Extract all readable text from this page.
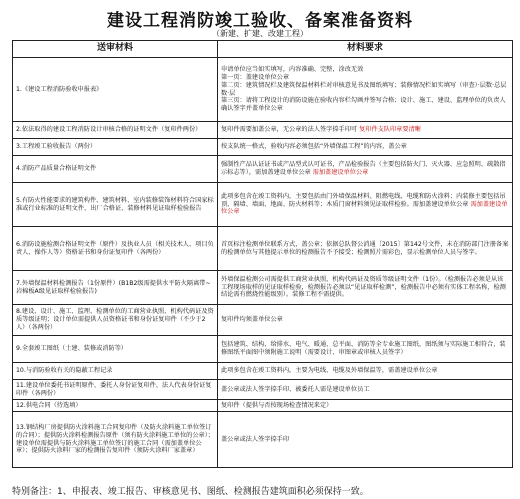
建设工程消防竣工验收、备案准备资料
（新建、扩建、改建工程）
送审材料	材料要求
1.《建设工程消防验收申报表》	申请单位应当如实填写，内容准确、完整，涂改无效
第一页：盖建设单位公章
第二页：建筑情况栏及建筑保温材料栏对审核意见书及图纸填写；装修情况栏如实填写（审查）·层数·总层数·层
第三页：请将工程设计的消防设施在验收内容栏勾画并签写合格；设计、施工、建设、监理单位的负责人确认签字并盖单位公章
2.依法取得的建设工程消防设计审核合格的证明文件（复印件两份）	复印件需要加盖公章，无公章的法人签字捺手印可 复印件支队印章要清晰
3.工程竣工验收报告（两份）	按支队统一格式，验收内容必须包括“外墙保温工程”的内容，盖公章
4.消防产品质量合格证明文件	强制性产品认证证书或产品型式认可证书，产品检验报告（主要包括防火门、灭火器、应急照明、疏散指示标志等），需加盖建设单位公章 需加盖建设单位公章
5.有防火性能要求的建筑构件、建筑材料、室内装修装饰材料符合国家标准或行业标准的证明文件、出厂合格证、装修材料见证取样检验报告	此项多包含在竣工资料内，主要包括由门外墙保温材料、阻燃电线、电缆和防火涂料；内装修主要包括吊顶、隔墙、墙面、地面、防火材料等；木质门窗材料须见证取样检验。需加盖建设单位公章 需加盖建设单位公章
6.消防设施检测合格证明文件（原件）及执业人员（相关技术人、项目负责人、操作人等）资格证书和身份证复印件（各两份）	首页标注检测单位联系方式，盖公章；依据总队督公消通〔2015〕第142号文件，未在消防部门注册备案的检测单位与其他提示单位的检测报告不予接受；检测照片需彩色，显示检测单位人员与签字。
7.外墙保温材料检测报告（1份原件）(B1B2级需提供水平防火隔离带~岩棉板A级见证取样检验报告)	外墙保温检测公司需提供工商营业执照、机构代码证及资质等级证明文件（1份）。（检测报告必须是从该工程现场取样的见证取样检验，检测报告必须以“见证取样检测”，检测报告中必须有实体工程名称，检测结论需有燃烧性能级别）。装修工程不需提供。
8.建设、设计、施工、监理、检测单位的工商营业执照、机构代码证及资质等级证明；设计单位需提供人员资格证书和身份证复印件（不少于2人）（各两份）	复印件均须盖单位公章
9.全套竣工图纸（土建、装修或消防等）	包括建筑、结构、给排水、电气、暖通、总平面、消防等全专业施工图纸，图纸须与实际施工相符合，装修图纸平面图中须附施工说明（需要设计、审图章或审核人员签字）
10.与消防验收有关的隐蔽工程记录	此项多包含在竣工资料内，主要为电线、电缆及外墙保温等，需盖建设单位公章
11.建设单位委托书证明原件、委托人身份证复印件、法人代表身份证复印件（各两份）	盖公章或法人签字捺手印、被委托人需是建设单位员工
12.供电合同（待选填）	复印件（提供与否按现场检查情况来定）
13.钢结构厂房提供防火涂料施工合同复印件（及防火涂料施工单位签订的合同）；提供防火涂料检测报告原件（须有防火涂料施工单位的公章）；建设单位需提供与防火涂料施工单位签订的施工合同（需加盖单位公章）；提供防火涂料厂家的检测报告复印件（须防火涂料厂家盖章）	盖公章或法人签字捺手印
特别备注：1、申报表、竣工报告、审核意见书、图纸、检测报告建筑面积必须保持一致。
